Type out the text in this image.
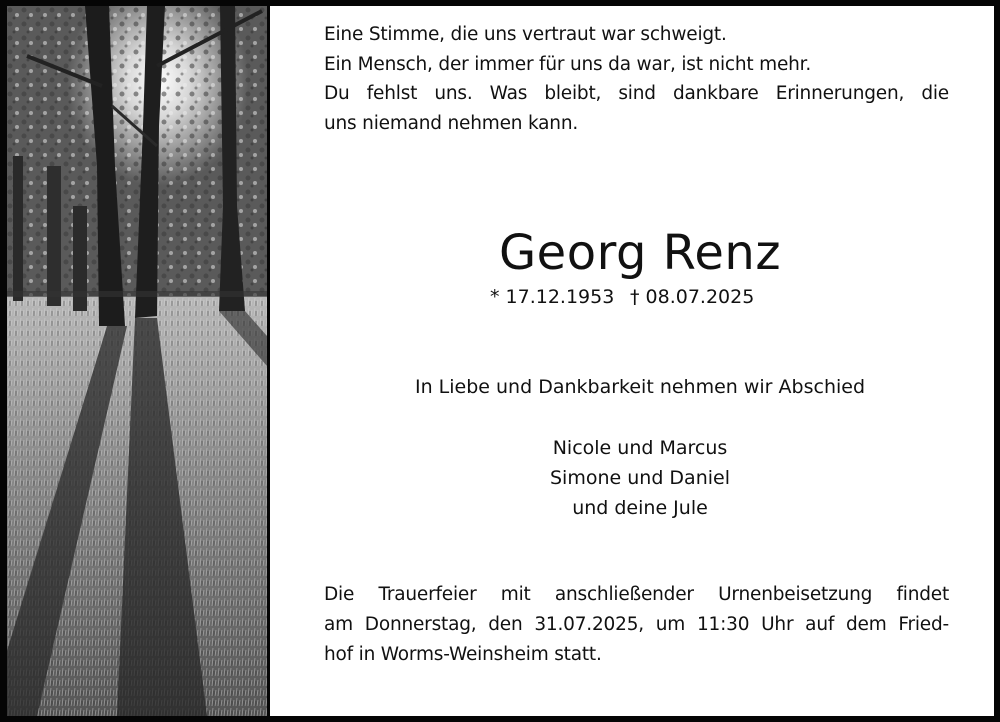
Eine Stimme, die uns vertraut war schweigt.
Ein Mensch, der immer für uns da war, ist nicht mehr.
Du fehlst uns. Was bleibt, sind dankbare Erinnerungen, die
uns niemand nehmen kann.
Georg Renz
* 17.12.1953 † 08.07.2025
In Liebe und Dankbarkeit nehmen wir Abschied
Nicole und Marcus
Simone und Daniel
und deine Jule
Die Trauerfeier mit anschließender Urnenbeisetzung findet
am Donnerstag, den 31.07.2025, um 11:30 Uhr auf dem Fried-
hof in Worms-Weinsheim statt.
